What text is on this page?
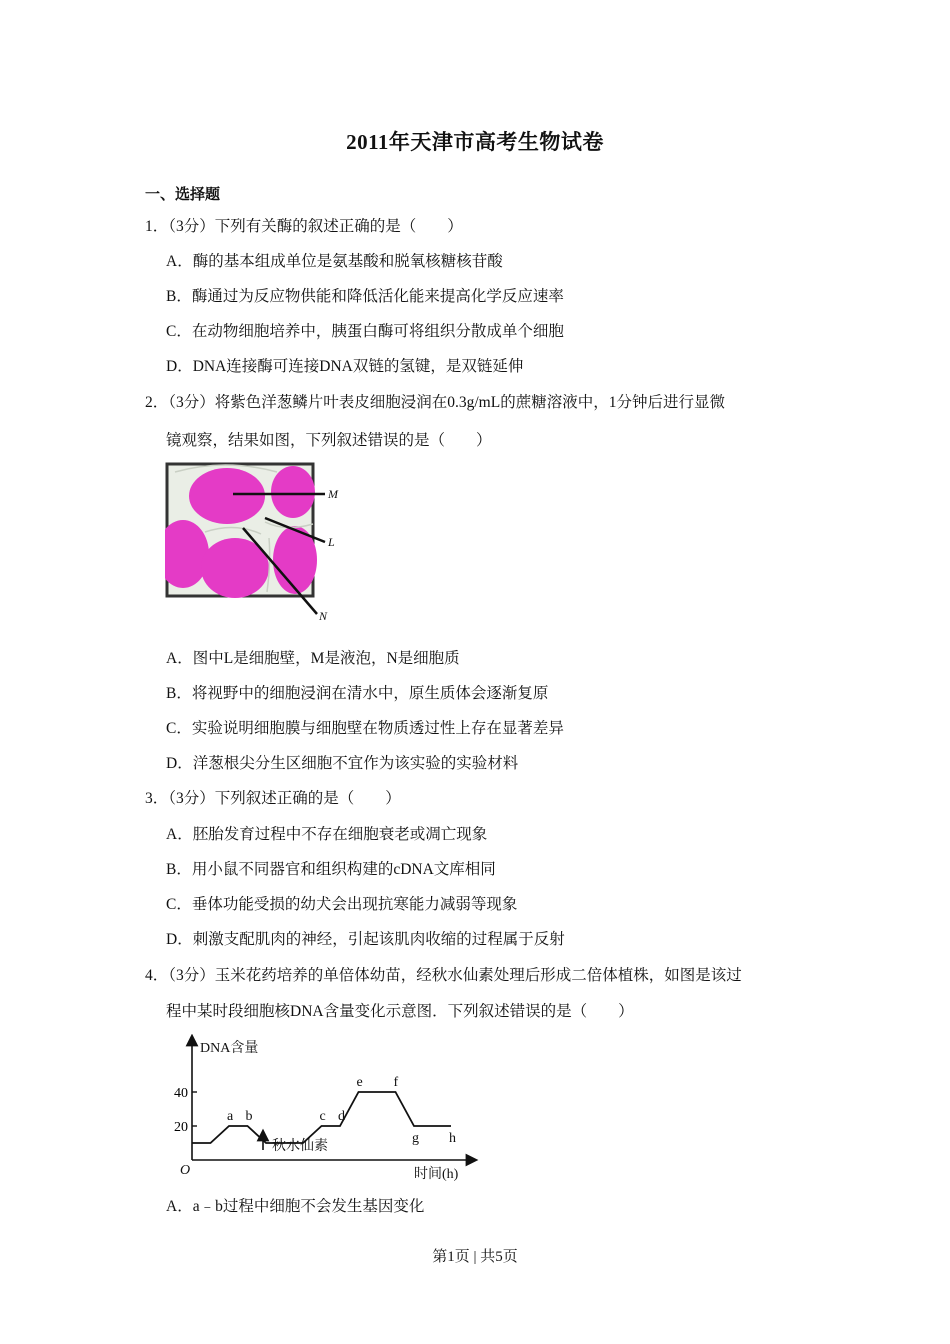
2011年天津市高考生物试卷
一、选择题
1．（3分）下列有关酶的叙述正确的是（　　）
A．酶的基本组成单位是氨基酸和脱氧核糖核苷酸
B．酶通过为反应物供能和降低活化能来提高化学反应速率
C．在动物细胞培养中，胰蛋白酶可将组织分散成单个细胞
D．DNA连接酶可连接DNA双链的氢键，是双链延伸
2．（3分）将紫色洋葱鳞片叶表皮细胞浸润在0.3g/mL的蔗糖溶液中，1分钟后进行显微
镜观察，结果如图，下列叙述错误的是（　　）
M
L
N
A．图中L是细胞壁，M是液泡，N是细胞质
B．将视野中的细胞浸润在清水中，原生质体会逐渐复原
C．实验说明细胞膜与细胞壁在物质透过性上存在显著差异
D．洋葱根尖分生区细胞不宜作为该实验的实验材料
3．（3分）下列叙述正确的是（　　）
A．胚胎发育过程中不存在细胞衰老或凋亡现象
B．用小鼠不同器官和组织构建的cDNA文库相同
C．垂体功能受损的幼犬会出现抗寒能力减弱等现象
D．刺激支配肌肉的神经，引起该肌肉收缩的过程属于反射
4．（3分）玉米花药培养的单倍体幼苗，经秋水仙素处理后形成二倍体植株，如图是该过
程中某时段细胞核DNA含量变化示意图．下列叙述错误的是（　　）
DNA含量
时间(h)
O
20
40
a b	c d
e f
g h
秋水仙素
A．a﹣b过程中细胞不会发生基因变化
第1页 | 共5页
